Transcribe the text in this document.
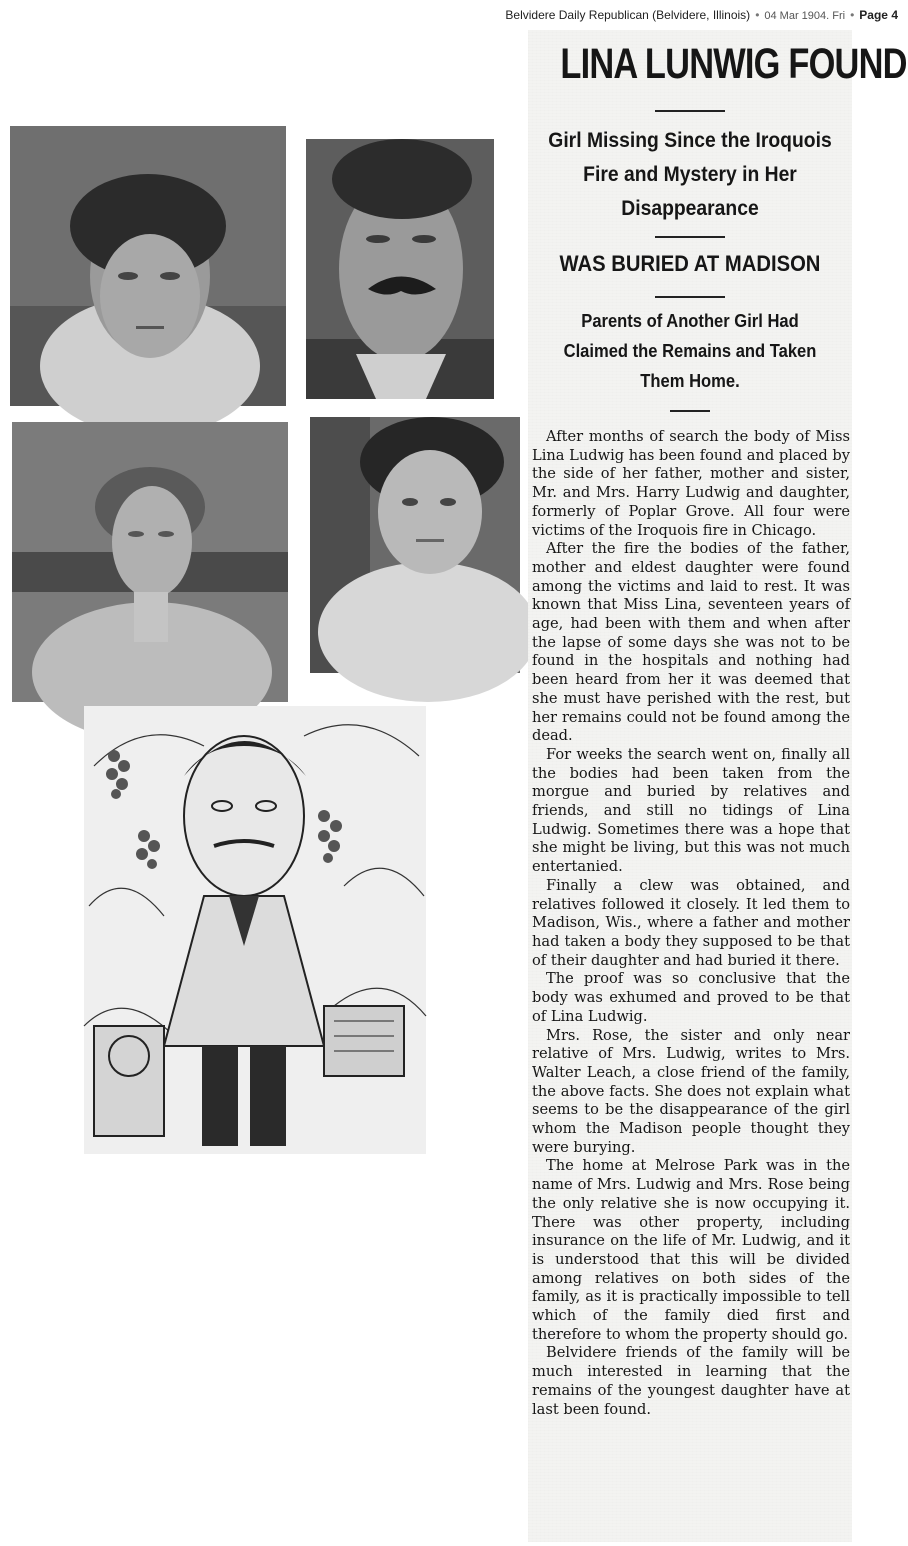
Belvidere Daily Republican (Belvidere, Illinois) • 04 Mar 1904. Fri • Page 4
LINA LUNWIG FOUND
Girl Missing Since the Iroquois Fire and Mystery in Her Disappearance
WAS BURIED AT MADISON
Parents of Another Girl Had Claimed the Remains and Taken Them Home.

After months of search the body of Miss Lina Ludwig has been found and placed by the side of her father, mother and sister, Mr. and Mrs. Harry Ludwig and daughter, formerly of Poplar Grove. All four were victims of the Iroquois fire in Chicago.

After the fire the bodies of the father, mother and eldest daughter were found among the victims and laid to rest. It was known that Miss Lina, seventeen years of age, had been with them and when after the lapse of some days she was not to be found in the hospitals and nothing had been heard from her it was deemed that she must have perished with the rest, but her remains could not be found among the dead.

For weeks the search went on, finally all the bodies had been taken from the morgue and buried by relatives and friends, and still no tidings of Lina Ludwig. Sometimes there was a hope that she might be living, but this was not much entertanied.

Finally a clew was obtained, and relatives followed it closely. It led them to Madison, Wis., where a father and mother had taken a body they supposed to be that of their daughter and had buried it there.

The proof was so conclusive that the body was exhumed and proved to be that of Lina Ludwig.

Mrs. Rose, the sister and only near relative of Mrs. Ludwig, writes to Mrs. Walter Leach, a close friend of the family, the above facts. She does not explain what seems to be the disappearance of the girl whom the Madison people thought they were burying.

The home at Melrose Park was in the name of Mrs. Ludwig and Mrs. Rose being the only relative she is now occupying it. There was other property, including insurance on the life of Mr. Ludwig, and it is understood that this will be divided among relatives on both sides of the family, as it is practically impossible to tell which of the family died first and therefore to whom the property should go.

Belvidere friends of the family will be much interested in learning that the remains of the youngest daughter have at last been found.
